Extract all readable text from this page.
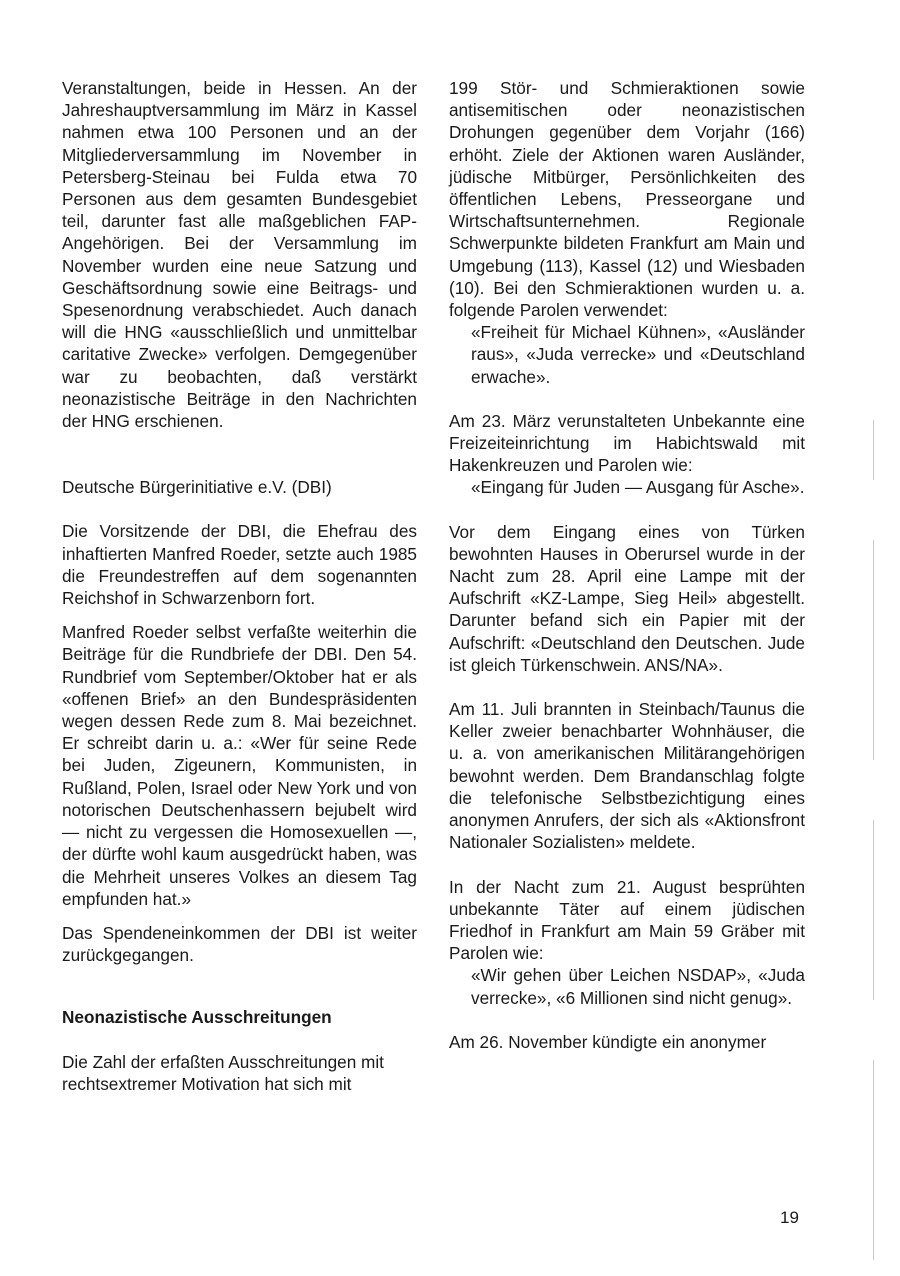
Veranstaltungen, beide in Hessen. An der Jahreshauptversammlung im März in Kassel nahmen etwa 100 Personen und an der Mitgliederversammlung im November in Petersberg-Steinau bei Fulda etwa 70 Personen aus dem gesamten Bundesgebiet teil, darunter fast alle maßgeblichen FAP-Angehörigen. Bei der Versammlung im November wurden eine neue Satzung und Geschäftsordnung sowie eine Beitrags- und Spesenordnung verabschiedet. Auch danach will die HNG «ausschließlich und unmittelbar caritative Zwecke» verfolgen. Demgegenüber war zu beobachten, daß verstärkt neonazistische Beiträge in den Nachrichten der HNG erschienen.

Deutsche Bürgerinitiative e.V. (DBI)

Die Vorsitzende der DBI, die Ehefrau des inhaftierten Manfred Roeder, setzte auch 1985 die Freundestreffen auf dem sogenannten Reichshof in Schwarzenborn fort.

Manfred Roeder selbst verfaßte weiterhin die Beiträge für die Rundbriefe der DBI. Den 54. Rundbrief vom September/Oktober hat er als «offenen Brief» an den Bundespräsidenten wegen dessen Rede zum 8. Mai bezeichnet. Er schreibt darin u. a.: «Wer für seine Rede bei Juden, Zigeunern, Kommunisten, in Rußland, Polen, Israel oder New York und von notorischen Deutschenhassern bejubelt wird — nicht zu vergessen die Homosexuellen —, der dürfte wohl kaum ausgedrückt haben, was die Mehrheit unseres Volkes an diesem Tag empfunden hat.»

Das Spendeneinkommen der DBI ist weiter zurückgegangen.

Neonazistische Ausschreitungen

Die Zahl der erfaßten Ausschreitungen mit rechtsextremer Motivation hat sich mit

199 Stör- und Schmieraktionen sowie antisemitischen oder neonazistischen Drohungen gegenüber dem Vorjahr (166) erhöht. Ziele der Aktionen waren Ausländer, jüdische Mitbürger, Persönlichkeiten des öffentlichen Lebens, Presseorgane und Wirtschaftsunternehmen. Regionale Schwerpunkte bildeten Frankfurt am Main und Umgebung (113), Kassel (12) und Wiesbaden (10). Bei den Schmieraktionen wurden u. a. folgende Parolen verwendet:

«Freiheit für Michael Kühnen», «Ausländer raus», «Juda verrecke» und «Deutschland erwache».

Am 23. März verunstalteten Unbekannte eine Freizeiteinrichtung im Habichtswald mit Hakenkreuzen und Parolen wie:

«Eingang für Juden — Ausgang für Asche».

Vor dem Eingang eines von Türken bewohnten Hauses in Oberursel wurde in der Nacht zum 28. April eine Lampe mit der Aufschrift «KZ-Lampe, Sieg Heil» abgestellt. Darunter befand sich ein Papier mit der Aufschrift: «Deutschland den Deutschen. Jude ist gleich Türkenschwein. ANS/NA».

Am 11. Juli brannten in Steinbach/Taunus die Keller zweier benachbarter Wohnhäuser, die u. a. von amerikanischen Militärangehörigen bewohnt werden. Dem Brandanschlag folgte die telefonische Selbstbezichtigung eines anonymen Anrufers, der sich als «Aktionsfront Nationaler Sozialisten» meldete.

In der Nacht zum 21. August besprühten unbekannte Täter auf einem jüdischen Friedhof in Frankfurt am Main 59 Gräber mit Parolen wie:

«Wir gehen über Leichen NSDAP», «Juda verrecke», «6 Millionen sind nicht genug».

Am 26. November kündigte ein anonymer

19
